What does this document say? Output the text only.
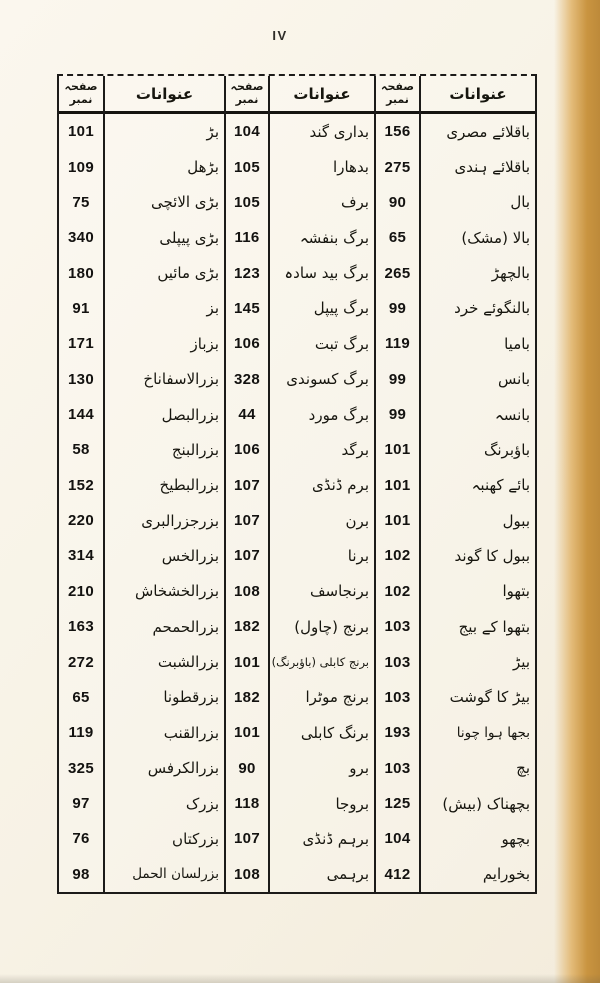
IV
صفحہ نمبر
101
109
75
340
180
91
171
130
144
58
152
220
314
210
163
272
65
119
325
97
76
98
عنوانات
بڑ
بڑھل
بڑی الائچی
بڑی پیپلی
بڑی مائیں
بز
بزباز
بزرالاسفاناخ
بزرالبصل
بزرالبنج
بزرالبطیخ
بزرجزرالبری
بزرالخس
بزرالخشخاش
بزرالحمحم
بزرالشبت
بزرقطونا
بزرالقنب
بزرالکرفس
بزرک
بزرکتاں
بزرلسان الحمل
صفحہ نمبر
104
105
105
116
123
145
106
328
44
106
107
107
107
108
182
101
182
101
90
118
107
108
عنوانات
بداری گند
بدھارا
برف
برگ بنفشہ
برگ بید سادہ
برگ پیپل
برگ تبت
برگ کسوندی
برگ مورد
برگد
برم ڈنڈی
برن
برنا
برنجاسف
برنج (چاول)
برنج کابلی (باؤبرنگ)
برنج موٹرا
برنگ کابلی
برو
بروجا
برہم ڈنڈی
برہمی
صفحہ نمبر
156
275
90
65
265
99
119
99
99
101
101
101
102
102
103
103
103
193
103
125
104
412
عنوانات
باقلائے مصری
باقلائے ہندی
بال
بالا (مشک)
بالچھڑ
بالنگوئے خرد
بامیا
بانس
بانسہ
باؤبرنگ
بائے کھنبہ
ببول
ببول کا گوند
بتھوا
بتھوا کے بیج
بیڑ
بیڑ کا گوشت
بجھا ہوا چونا
بچ
بچھناک (بیش)
بچھو
بخورایم
